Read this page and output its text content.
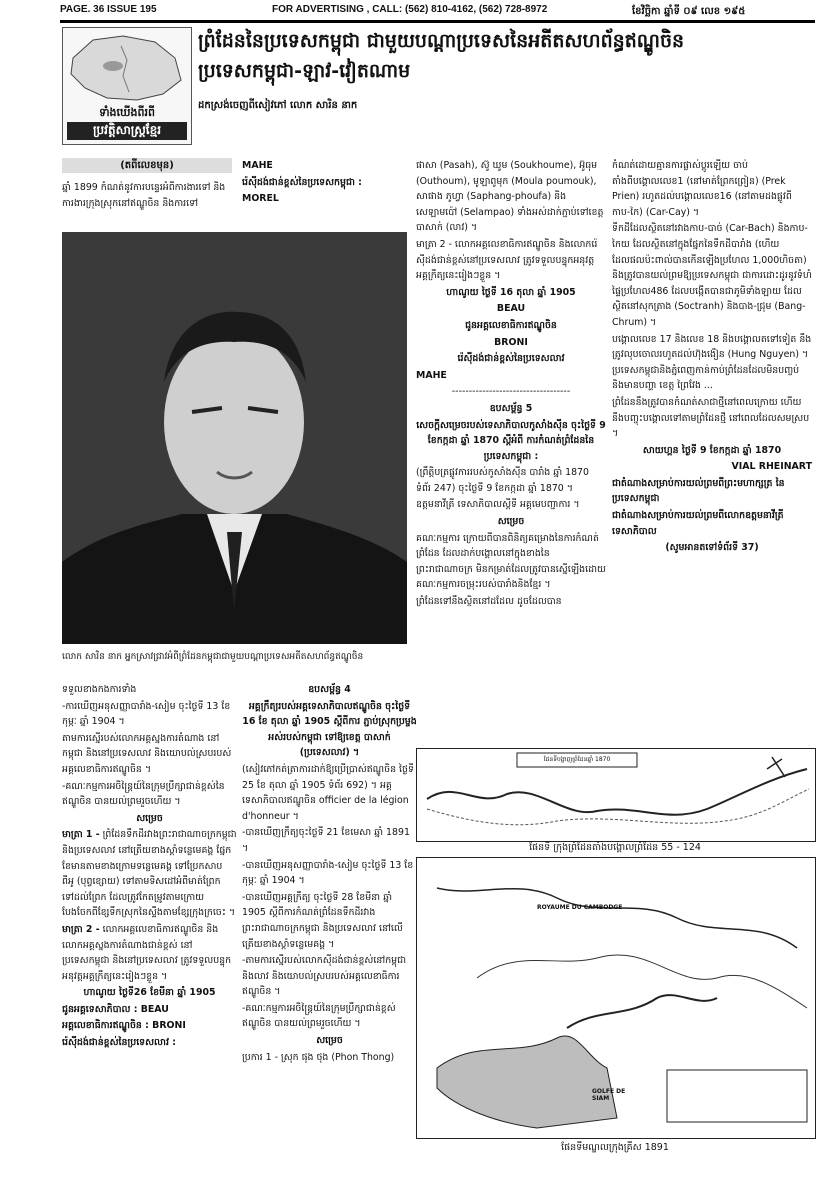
PAGE. 36 ISSUE 195	FOR ADVERTISING , CALL: (562) 810-4162, (562) 728-8972	ខែវិច្ឆិកា ឆ្នាំទី ០៩ លេខ ១៩៥
ទាំងឃើងពីរពី
ប្រវត្តិសាស្ត្រខ្មែរ
ព្រំដែននៃប្រទេសកម្ពុជា ជាមួយបណ្តាប្រទេសនៃអតីតសហព័ន្ធឥណ្ឌូចិន
ប្រទេសកម្ពុជា-ឡាវ-វៀតណាម
ដកស្រង់ចេញពីសៀវភៅ លោក សារិន នាក
(តពីលេខមុន)
ឆ្នាំ 1899 កំណត់នូវការបន្ទេរអំពីការងារទៅ និងការងារក្រុងស្រុកនៅឥណ្ឌូចិន និងការទៅ
លោក សារិន នាក អ្នកស្រាវជ្រាវអំពីព្រំដែនកម្ពុជាជាមួយបណ្តាប្រទេសអតីតសហព័ន្ធឥណ្ឌូចិន

ទទួលខាងកងការទាំង

-ការឃើញអនុសញ្ញាបារាំង-សៀម ចុះថ្ងៃទី 13 ខែកុម្ភៈ ឆ្នាំ 1904 ។

តាមការស្នើរបស់លោកអគ្គស្នងការតំណាង នៅកម្ពុជា និងនៅប្រទេសលាវ និងយោបល់ស្របរបស់អគ្គលេខាធិការឥណ្ឌូចិន ។

-គណៈកម្មការអចិន្ត្រៃយ៍នៃក្រុមប្រឹក្សាជាន់ខ្ពស់នៃឥណ្ឌូចិន បានយល់ព្រមរួចហើយ ។

សម្រេច

មាត្រា 1 - ព្រំដែនទឹកដីរវាងព្រះរាជាណាចក្រកម្ពុជា និងប្រទេសលាវ នៅត្រើយខាងស្តាំទន្លេមេគង្គ ផ្នែកខែមានតាមខាងក្រោមទន្លេមេគង្គ ទៅប្រែកសាប ពីអូ (បុព្វខ្សោយ) ទៅតាមទិសដៅអំពីមាត់ព្រែកទៅដល់ព្រែក ដែលត្រូវកែតម្រូវតាមក្រោយ បែងចែកពីខ្សែទឹកស្រុកនៃស្ទឹងតាមខ្សែក្រុងក្រចេះ ។

មាត្រា 2 - លោកអគ្គលេខាធិការឥណ្ឌូចិន និងលោកអគ្គស្នងការតំណាងជាន់ខ្ពស់ នៅប្រទេសកម្ពុជា និងនៅប្រទេសលាវ ត្រូវទទួលបន្ទុកអនុវត្តអគ្គក្រឹត្យនេះរៀងៗខ្លួន ។

ហាណូយ ថ្ងៃទី26 ខែមីនា ឆ្នាំ 1905

ជូនអគ្គទេសាភិបាល : BEAU

អគ្គលេខាធិការឥណ្ឌូចិន : BRONI

រ៉េស៊ីដង់ជាន់ខ្ពស់នៃប្រទេសលាវ :

MAHE

រ៉េស៊ីដង់ជាន់ខ្ពស់នៃប្រទេសកម្ពុជា :

MOREL

ឧបសម្ព័ន្ធ 4

អគ្គក្រឹត្យរបស់អគ្គទេសាភិបាលឥណ្ឌូចិន ចុះថ្ងៃទី 16 ខែ តុលា ឆ្នាំ 1905 ស្តីពីការ ភ្ជាប់ស្រុកប្រម្ចងអស់របស់កម្ពុជា ទៅឱ្យខេត្ត បាសាក់ (ប្រទេសលាវ) ។

(សៀវភៅកត់ត្រាការដាក់ឱ្យប្រើប្រាស់ឥណ្ឌូចិន ថ្ងៃទី 25 ខែ តុលា ឆ្នាំ 1905 ទំព័រ 692) ។ អគ្គទេសាភិបាលឥណ្ឌូចិន officier de la légion d'honneur ។

-បានឃើញក្រឹត្យចុះថ្ងៃទី 21 ខែមេសា ឆ្នាំ 1891 ។

-បានឃើញអនុសញ្ញាបារាំង-សៀម ចុះថ្ងៃទី 13 ខែកុម្ភៈ ឆ្នាំ 1904 ។

-បានឃើញអគ្គក្រឹត្យ ចុះថ្ងៃទី 28 ខែមីនា ឆ្នាំ 1905 ស្តីពីការកំណត់ព្រំដែនទឹកដីរវាងព្រះរាជាណាចក្រកម្ពុជា និងប្រទេសលាវ នៅលើត្រើយខាងស្តាំទន្លេមេគង្គ ។

-តាមការស្នើរបស់លោកស៊ីដង់ជាន់ខ្ពស់នៅកម្ពុជា និងលាវ និងយោបល់ស្របរបស់អគ្គលេខាធិការឥណ្ឌូចិន ។

-គណៈកម្មការអចិន្ត្រៃយ៍នៃក្រុមប្រឹក្សាជាន់ខ្ពស់ឥណ្ឌូចិន បានយល់ព្រមរួចហើយ ។

សម្រេច

ប្រការ 1 - ស្រុក ផុង ថុង (Phon Thong)

ផាសា (Pasah), ស៊ូ ឃូម (Soukhoume), អ៊ូធុម (Outhoum), មូឡាពូមុក (Moula poumouk), សាផាង ភូហ្វា (Saphang-phoufa) និងសេឡាមប៉ៅ (Selampao) ទាំងអស់ដាក់ភ្ជាប់ទៅខេត្តបាសាក់ (លាវ) ។

មាត្រា 2 - លោកអគ្គលេខាធិការឥណ្ឌូចិន និងលោករ៉េស៊ីដង់ជាន់ខ្ពស់នៅប្រទេសលាវ ត្រូវទទួលបន្ទុកអនុវត្តអគ្គក្រឹត្យនេះរៀងៗខ្លួន ។

ហាណូយ ថ្ងៃទី 16 តុលា ឆ្នាំ 1905

BEAU

ជូនអគ្គលេខាធិការឥណ្ឌូចិន

BRONI

រ៉េស៊ីដង់ជាន់ខ្ពស់នៃប្រទេសលាវ

MAHE

-----------------------------------

ឧបសម្ព័ន្ធ 5

សេចក្តីសម្រេចរបស់ទេសាភិបាលកូសាំងស៊ីន ចុះថ្ងៃទី 9 ខែកក្កដា ឆ្នាំ 1870 ស្តីអំពី ការកំណត់ព្រំដែននៃប្រទេសកម្ពុជា :

(ព្រឹត្តិបត្រផ្លូវការរបស់កូសាំងស៊ីន បារាំង ឆ្នាំ 1870 ទំព័រ 247) ចុះថ្ងៃទី 9 ខែកក្កដា ឆ្នាំ 1870 ។

ឧត្តមនាវីត្រី ទេសាភិបាលស្តីទី អគ្គមេបញ្ជាការ ។

សម្រេច

គណៈកម្មការ ក្រោយពីបានពិនិត្យគម្រោងនៃការកំណត់ព្រំដែន ដែលដាក់បង្គោលនៅក្នុងខាងនៃព្រះរាជាណាចក្រ មិនកម្រាត់ដែលត្រូវបានស្នើឡើងដោយគណៈកម្មការចម្រុះរបស់បារាំងនិងខ្មែរ ។

ព្រំដែនទៅនឹងស្ថិតនៅដដែល ដូចដែលបាន

កំណត់ដោយគ្មានការផ្លាស់ប្តូរឡើយ ចាប់តាំងពីបង្គោលលេខ1 (នៅមាត់ព្រែកព្រៀន) (Prek Prien) រហូតដល់បង្គោលលេខ16 (នៅតាមដងផ្លូវពី កាប-កៃ) (Car-Cay) ។

ទឹកដីដែលស្ថិតនៅរវាងកាប-បាច់ (Car-Bach) និងកាប-កៃយ ដែលស្ថិតនៅក្នុងផ្នែកនៃទឹកដីបារាំង (ហើយដែលផលប៉ះពាល់បានកើនឡើងប្រហែល 1,000ហិចតា) និងត្រូវបានយល់ព្រមឱ្យប្រទេសកម្ពុជា ជាការដោះដូរនូវទំហំផ្ទៃប្រហែល486 ដែលបង្កើតបានជាភូមិទាំងឡាយ ដែលស្ថិតនៅសុកត្រាង (Soctranh) និងបាង-ជ្រុម (Bang-Chrum) ។

បង្គោលលេខ 17 និងលេខ 18 និងបង្គោលតទៅទៀត នឹងត្រូវលុបចោលរហូតដល់ហ៊ុងង៉ៀន (Hung Nguyen) ។ ប្រទេសកម្ពុជានិងភ្នំពេញកាន់កាប់ព្រំដែនដែលមិនបញ្ចប់ និងមានបញ្ហា ខេត្ត ព្រៃវែង ...

ព្រំដែននឹងត្រូវបានកំណត់សាជាថ្មីនៅពេលក្រោយ ហើយនឹងបញ្ចុះបង្គោលទៅតាមព្រំដែនថ្មី នៅពេលដែលសមស្រប ។

សាយហ្គន ថ្ងៃទី 9 ខែកក្កដា ឆ្នាំ 1870

VIAL RHEINART

ជាតំណាងសម្រាប់ការយល់ព្រមពីព្រះមហាក្សត្រ នៃប្រទេសកម្ពុជា

ជាតំណាងសម្រាប់ការយល់ព្រមពីលោកឧត្តមនាវីត្រី ទេសាភិបាល

(សូមអានតទៅទំព័រទី 37)

ផែនទីបង្ហាញព្រំដែនឆ្នាំ 1870
ផែនទី ក្រុងព្រំដែនតាំងបង្គោលព្រំដែន 55 - 124
ROYAUME DU CAMBODGE
GOLFE DE SIAM
ផែនទីមណ្ឌលក្រុងគ្រីស 1891
